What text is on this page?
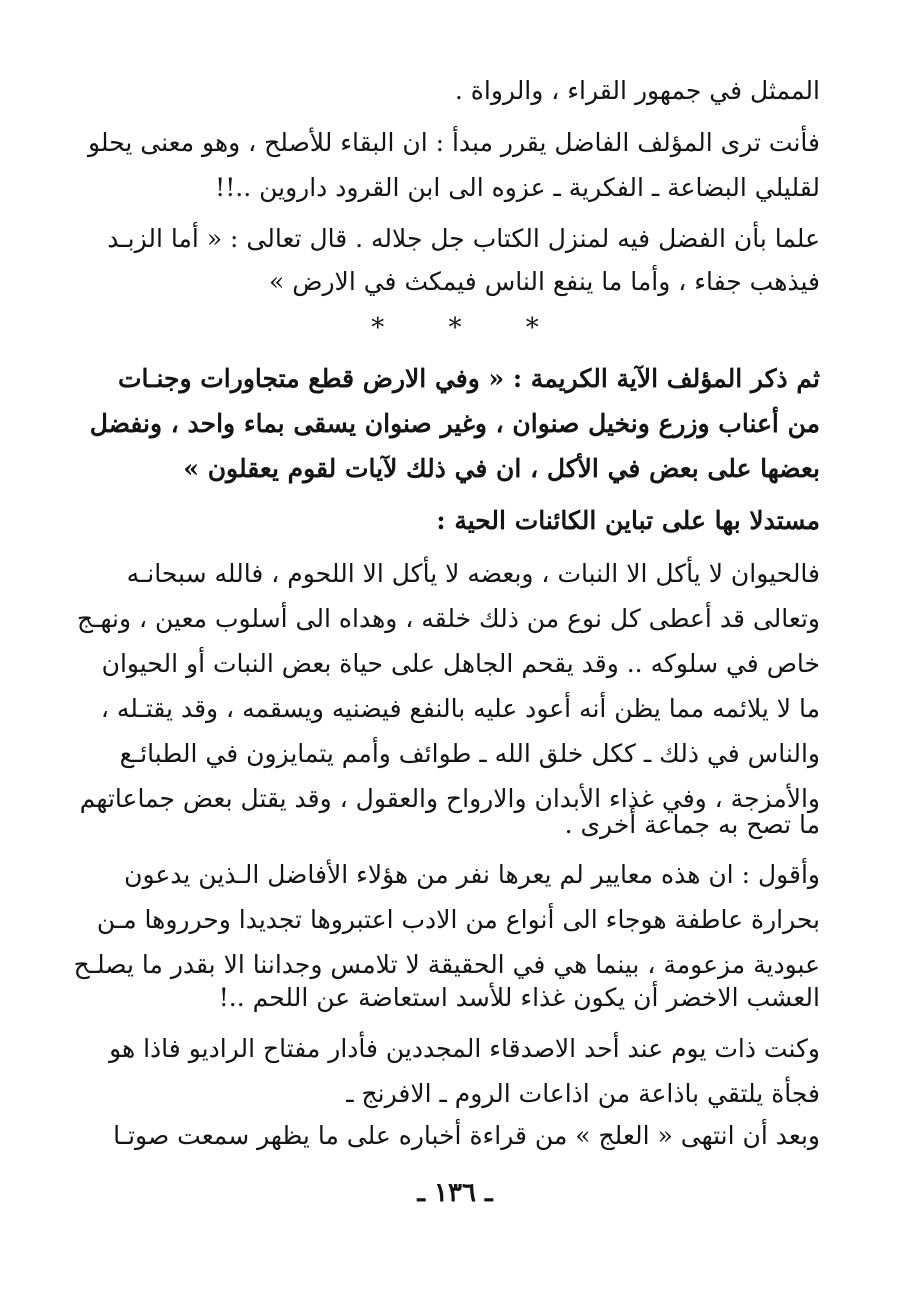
الممثل في جمهور القراء ، والرواة .
فأنت ترى المؤلف الفاضل يقرر مبدأ : ان البقاء للأصلح ، وهو معنى يحلو
لقليلي البضاعة ـ الفكرية ـ عزوه الى ابن القرود داروين ..!!
علما بأن الفضل فيه لمنزل الكتاب جل جلاله . قال تعالى : « أما الزبـد
فيذهب جفاء ، وأما ما ينفع الناس فيمكث في الارض »
* * *
ثم ذكر المؤلف الآية الكريمة : « وفي الارض قطع متجاورات وجنـات
من أعناب وزرع ونخيل صنوان ، وغير صنوان يسقى بماء واحد ، ونفضل
بعضها على بعض في الأكل ، ان في ذلك لآيات لقوم يعقلون »
مستدلا بها على تباين الكائنات الحية :
فالحيوان لا يأكل الا النبات ، وبعضه لا يأكل الا اللحوم ، فالله سبحانـه
وتعالى قد أعطى كل نوع من ذلك خلقه ، وهداه الى أسلوب معين ، ونهـج
خاص في سلوكه .. وقد يقحم الجاهل على حياة بعض النبات أو الحيوان
ما لا يلائمه مما يظن أنه أعود عليه بالنفع فيضنيه ويسقمه ، وقد يقتـله ،
والناس في ذلك ـ ككل خلق الله ـ طوائف وأمم يتمايزون في الطبائـع
والأمزجة ، وفي غذاء الأبدان والارواح والعقول ، وقد يقتل بعض جماعاتهم
ما تصح به جماعة أخرى .
وأقول : ان هذه معايير لم يعرها نفر من هؤلاء الأفاضل الـذين يدعون
بحرارة عاطفة هوجاء الى أنواع من الادب اعتبروها تجديدا وحرروها مـن
عبودية مزعومة ، بينما هي في الحقيقة لا تلامس وجداننا الا بقدر ما يصلـح
العشب الاخضر أن يكون غذاء للأسد استعاضة عن اللحم ..!
وكنت ذات يوم عند أحد الاصدقاء المجددين فأدار مفتاح الراديو فاذا هو
فجأة يلتقي باذاعة من اذاعات الروم ـ الافرنج ـ
وبعد أن انتهى « العلج » من قراءة أخباره على ما يظهر سمعت صوتـا
ـ ١٣٦ ـ
